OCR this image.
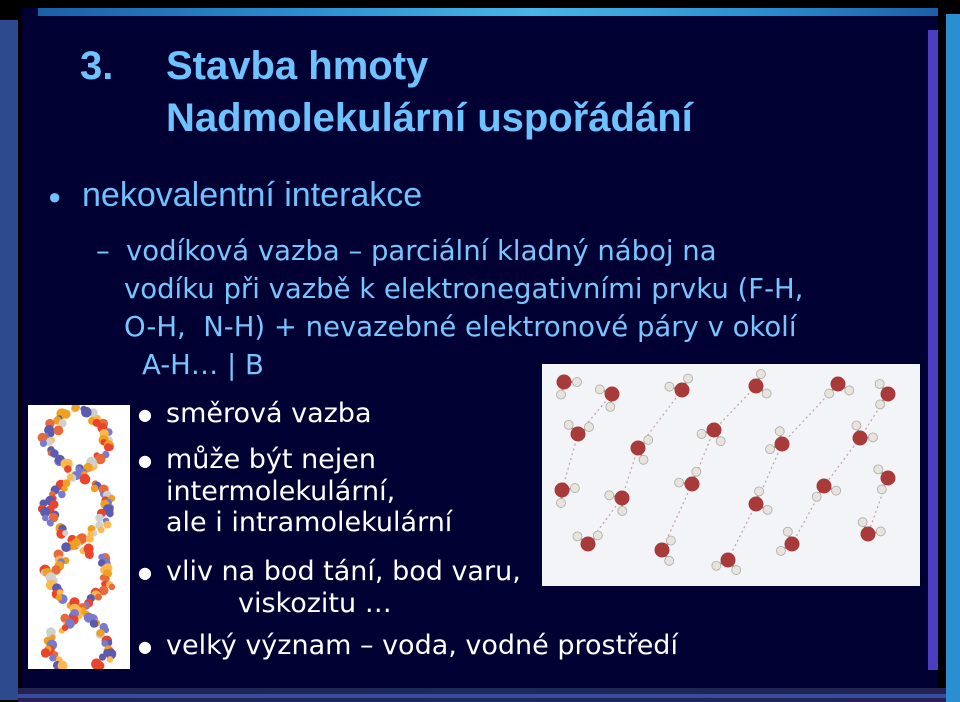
3. Stavba hmoty
Nadmolekulární uspořádání
● nekovalentní interakce
– vodíková vazba – parciální kladný náboj na
vodíku při vazbě k elektronegativními prvku (F-H,
O-H,  N-H) + nevazebné elektronové páry v okolí
A-H… | B
● směrová vazba
● může být nejen
intermolekulární,
ale i intramolekulární
● vliv na bod tání, bod varu,
viskozitu …
● velký význam – voda, vodné prostředí
